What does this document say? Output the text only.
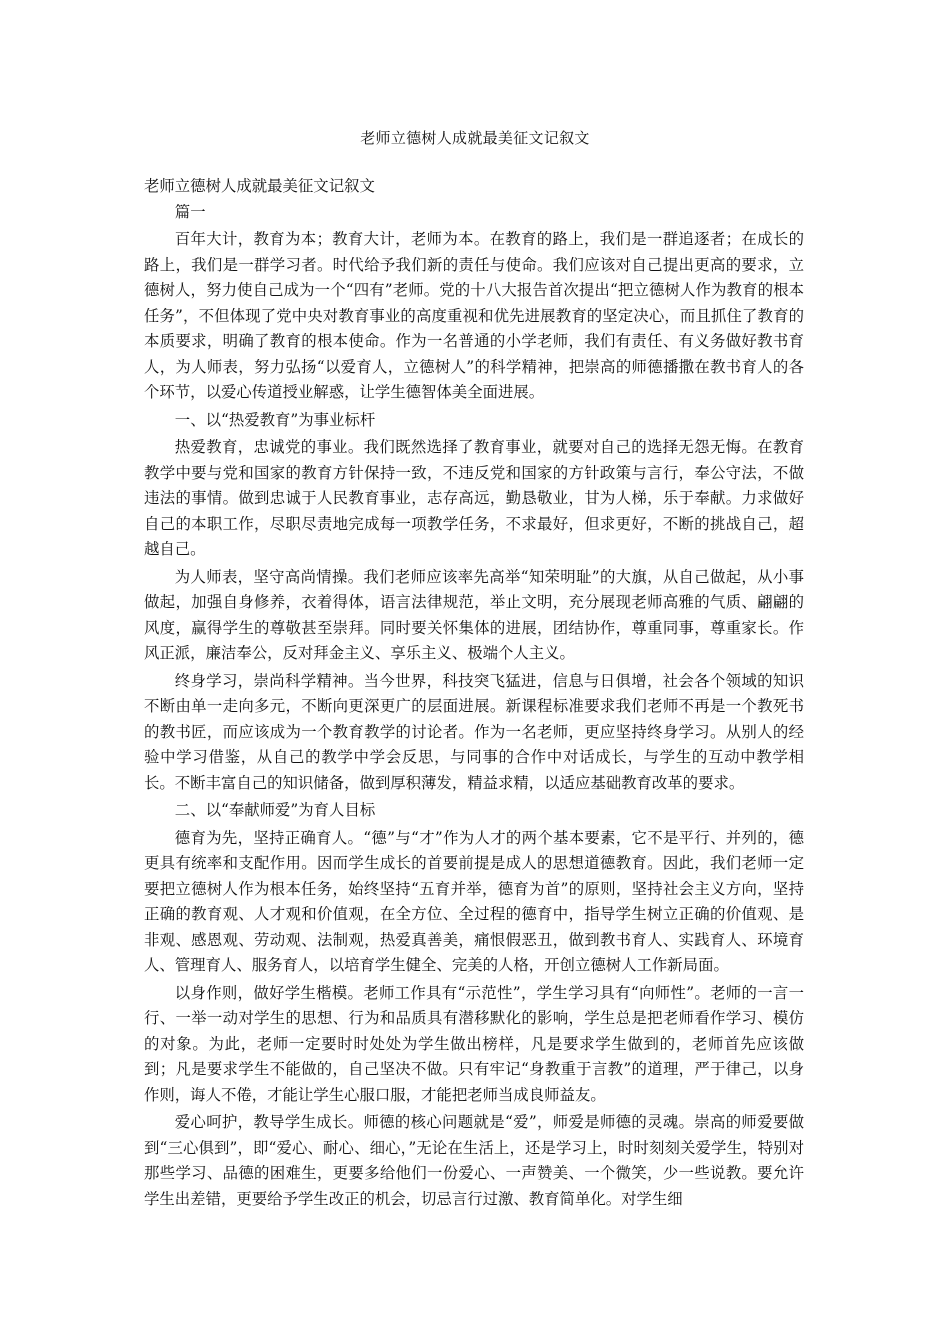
老师立德树人成就最美征文记叙文

老师立德树人成就最美征文记叙文

篇一

百年大计，教育为本；教育大计，老师为本。在教育的路上，我们是一群追逐者；在成长的路上，我们是一群学习者。时代给予我们新的责任与使命。我们应该对自己提出更高的要求，立德树人，努力使自己成为一个“四有”老师。党的十八大报告首次提出“把立德树人作为教育的根本任务”，不但体现了党中央对教育事业的高度重视和优先进展教育的坚定决心，而且抓住了教育的本质要求，明确了教育的根本使命。作为一名普通的小学老师，我们有责任、有义务做好教书育人，为人师表，努力弘扬“以爱育人，立德树人”的科学精神，把崇高的师德播撒在教书育人的各个环节，以爱心传道授业解惑，让学生德智体美全面进展。

一、以“热爱教育”为事业标杆

热爱教育，忠诚党的事业。我们既然选择了教育事业，就要对自己的选择无怨无悔。在教育教学中要与党和国家的教育方针保持一致，不违反党和国家的方针政策与言行，奉公守法，不做违法的事情。做到忠诚于人民教育事业，志存高远，勤恳敬业，甘为人梯，乐于奉献。力求做好自己的本职工作，尽职尽责地完成每一项教学任务，不求最好，但求更好，不断的挑战自己，超越自己。

为人师表，坚守高尚情操。我们老师应该率先高举“知荣明耻”的大旗，从自己做起，从小事做起，加强自身修养，衣着得体，语言法律规范，举止文明，充分展现老师高雅的气质、翩翩的风度，赢得学生的尊敬甚至崇拜。同时要关怀集体的进展，团结协作，尊重同事，尊重家长。作风正派，廉洁奉公，反对拜金主义、享乐主义、极端个人主义。

终身学习，崇尚科学精神。当今世界，科技突飞猛进，信息与日俱增，社会各个领域的知识不断由单一走向多元，不断向更深更广的层面进展。新课程标准要求我们老师不再是一个教死书的教书匠，而应该成为一个教育教学的讨论者。作为一名老师，更应坚持终身学习。从别人的经验中学习借鉴，从自己的教学中学会反思，与同事的合作中对话成长，与学生的互动中教学相长。不断丰富自己的知识储备，做到厚积薄发，精益求精，以适应基础教育改革的要求。

二、以“奉献师爱”为育人目标

德育为先，坚持正确育人。“德”与“才”作为人才的两个基本要素，它不是平行、并列的，德更具有统率和支配作用。因而学生成长的首要前提是成人的思想道德教育。因此，我们老师一定要把立德树人作为根本任务，始终坚持“五育并举，德育为首”的原则，坚持社会主义方向，坚持正确的教育观、人才观和价值观，在全方位、全过程的德育中，指导学生树立正确的价值观、是非观、感恩观、劳动观、法制观，热爱真善美，痛恨假恶丑，做到教书育人、实践育人、环境育人、管理育人、服务育人，以培育学生健全、完美的人格，开创立德树人工作新局面。

以身作则，做好学生楷模。老师工作具有“示范性”，学生学习具有“向师性”。老师的一言一行、一举一动对学生的思想、行为和品质具有潜移默化的影响，学生总是把老师看作学习、模仿的对象。为此，老师一定要时时处处为学生做出榜样，凡是要求学生做到的，老师首先应该做到；凡是要求学生不能做的，自己坚决不做。只有牢记“身教重于言教”的道理，严于律己，以身作则，诲人不倦，才能让学生心服口服，才能把老师当成良师益友。

爱心呵护，教导学生成长。师德的核心问题就是“爱”，师爱是师德的灵魂。崇高的师爱要做到“三心俱到”，即“爱心、耐心、细心，”无论在生活上，还是学习上，时时刻刻关爱学生，特别对那些学习、品德的困难生，更要多给他们一份爱心、一声赞美、一个微笑，少一些说教。要允许学生出差错，更要给予学生改正的机会，切忌言行过激、教育简单化。对学生细
